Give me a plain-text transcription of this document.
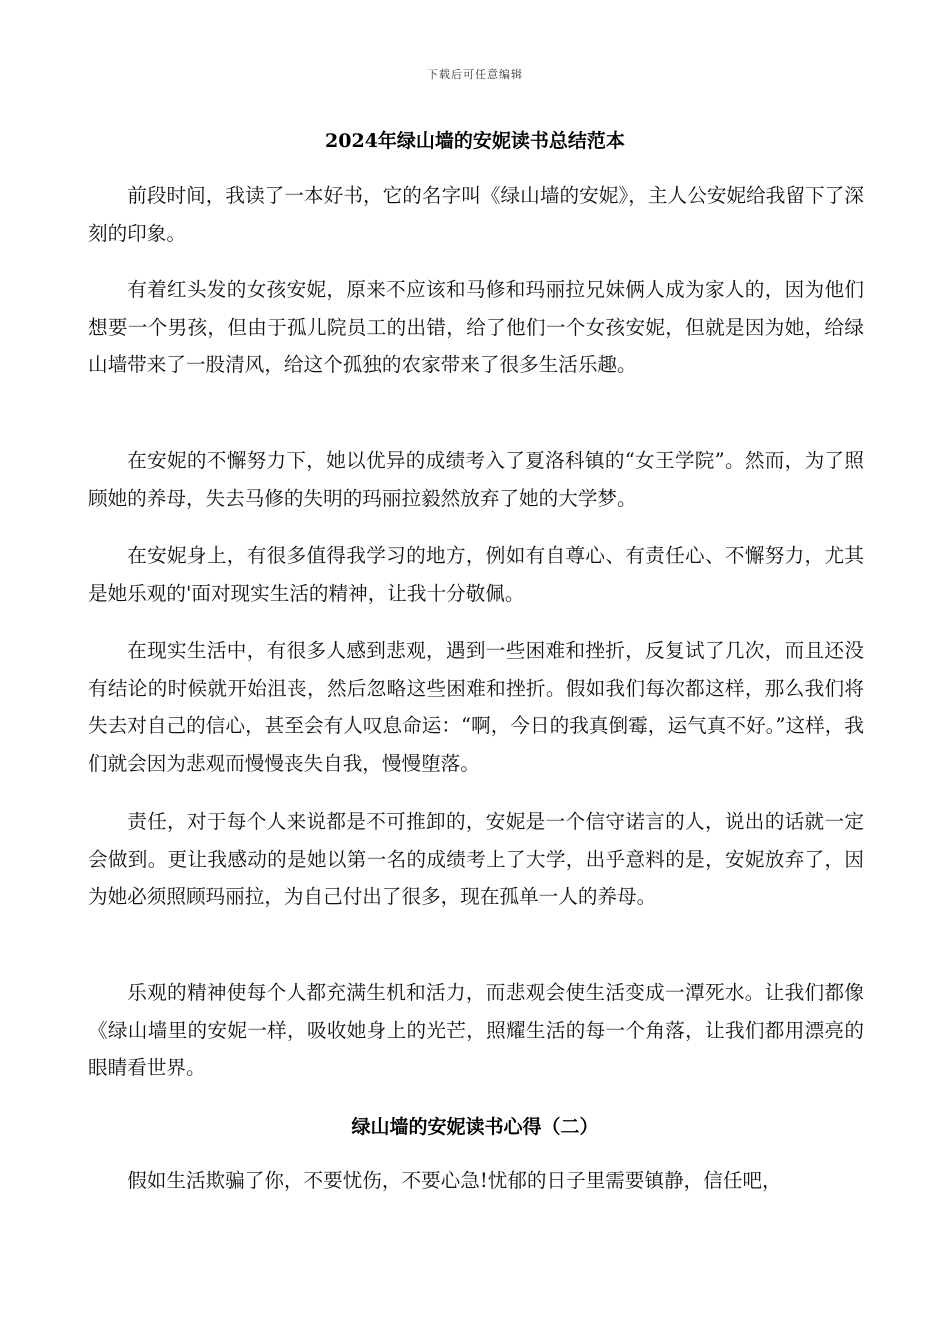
下载后可任意编辑
2024年绿山墙的安妮读书总结范本

前段时间，我读了一本好书，它的名字叫《绿山墙的安妮》，主人公安妮给我留下了深刻的印象。

有着红头发的女孩安妮，原来不应该和马修和玛丽拉兄妹俩人成为家人的，因为他们想要一个男孩，但由于孤儿院员工的出错，给了他们一个女孩安妮，但就是因为她，给绿山墙带来了一股清风，给这个孤独的农家带来了很多生活乐趣。

在安妮的不懈努力下，她以优异的成绩考入了夏洛科镇的“女王学院”。然而，为了照顾她的养母，失去马修的失明的玛丽拉毅然放弃了她的大学梦。

在安妮身上，有很多值得我学习的地方，例如有自尊心、有责任心、不懈努力，尤其是她乐观的'面对现实生活的精神，让我十分敬佩。

在现实生活中，有很多人感到悲观，遇到一些困难和挫折，反复试了几次，而且还没有结论的时候就开始沮丧，然后忽略这些困难和挫折。假如我们每次都这样，那么我们将失去对自己的信心，甚至会有人叹息命运：“啊，今日的我真倒霉，运气真不好。”这样，我们就会因为悲观而慢慢丧失自我，慢慢堕落。

责任，对于每个人来说都是不可推卸的，安妮是一个信守诺言的人，说出的话就一定会做到。更让我感动的是她以第一名的成绩考上了大学，出乎意料的是，安妮放弃了，因为她必须照顾玛丽拉，为自己付出了很多，现在孤单一人的养母。

乐观的精神使每个人都充满生机和活力，而悲观会使生活变成一潭死水。让我们都像《绿山墙里的安妮一样，吸收她身上的光芒，照耀生活的每一个角落，让我们都用漂亮的眼睛看世界。

绿山墙的安妮读书心得（二）

假如生活欺骗了你，不要忧伤，不要心急!忧郁的日子里需要镇静，信任吧，
